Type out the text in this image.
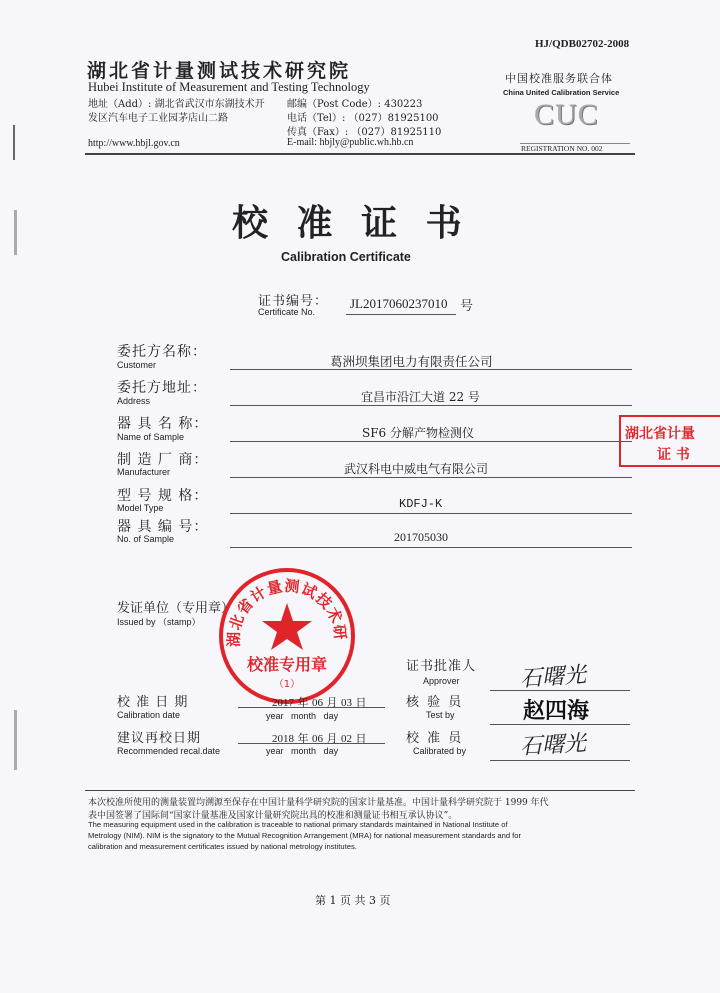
HJ/QDB02702-2008
湖北省计量测试技术研究院
Hubei Institute of Measurement and Testing Technology
地址（Add）: 湖北省武汉市东湖技术开
发区汽车电子工业园茅店山二路
邮编（Post Code）: 430223
电话（Tel）: （027）81925100
传真（Fax）: （027）81925110
http://www.hbjl.gov.cn	E-mail: hbjly@public.wh.hb.cn
中国校准服务联合体
China United Calibration Service
CUC
REGISTRATION NO. 002
校 准 证 书
Calibration Certificate
证书编号：
Certificate No.
JL2017060237010 号
委托方名称：
Customer	葛洲坝集团电力有限责任公司
委托方地址：
Address	宜昌市沿江大道 22 号
器 具 名 称：
Name of Sample	SF6 分解产物检测仪
制 造 厂 商：
Manufacturer	武汉科电中威电气有限公司
型 号 规 格：
Model Type	KDFJ-K
器 具 编 号：
No. of Sample	201705030
湖北省计量
证 书
发证单位（专用章）
Issued by （stamp）
湖北省计量测试技术研
校准专用章
（1）
证书批准人
Approver	石曙光
校 准 日 期
Calibration date
2017 年 06 月 03 日
year month day
核 验 员
Test by	赵四海
建议再校日期
Recommended recal.date
2018 年 06 月 02 日
year month day
校 准 员
Calibrated by 石曙光
本次校准所使用的测量装置均溯源至保存在中国计量科学研究院的国家计量基准。中国计量科学研究院于 1999 年代
表中国签署了国际间“国家计量基准及国家计量研究院出具的校准和测量证书相互承认协议”。
The measuring equipment used in the calibration is traceable to national primary standards maintained in National Institute of
Metrology (NIM). NIM is the signatory to the Mutual Recognition Arrangement (MRA) for national measurement standards and for
calibration and measurement certificates issued by national metrology institutes.
第 1 页 共 3 页
